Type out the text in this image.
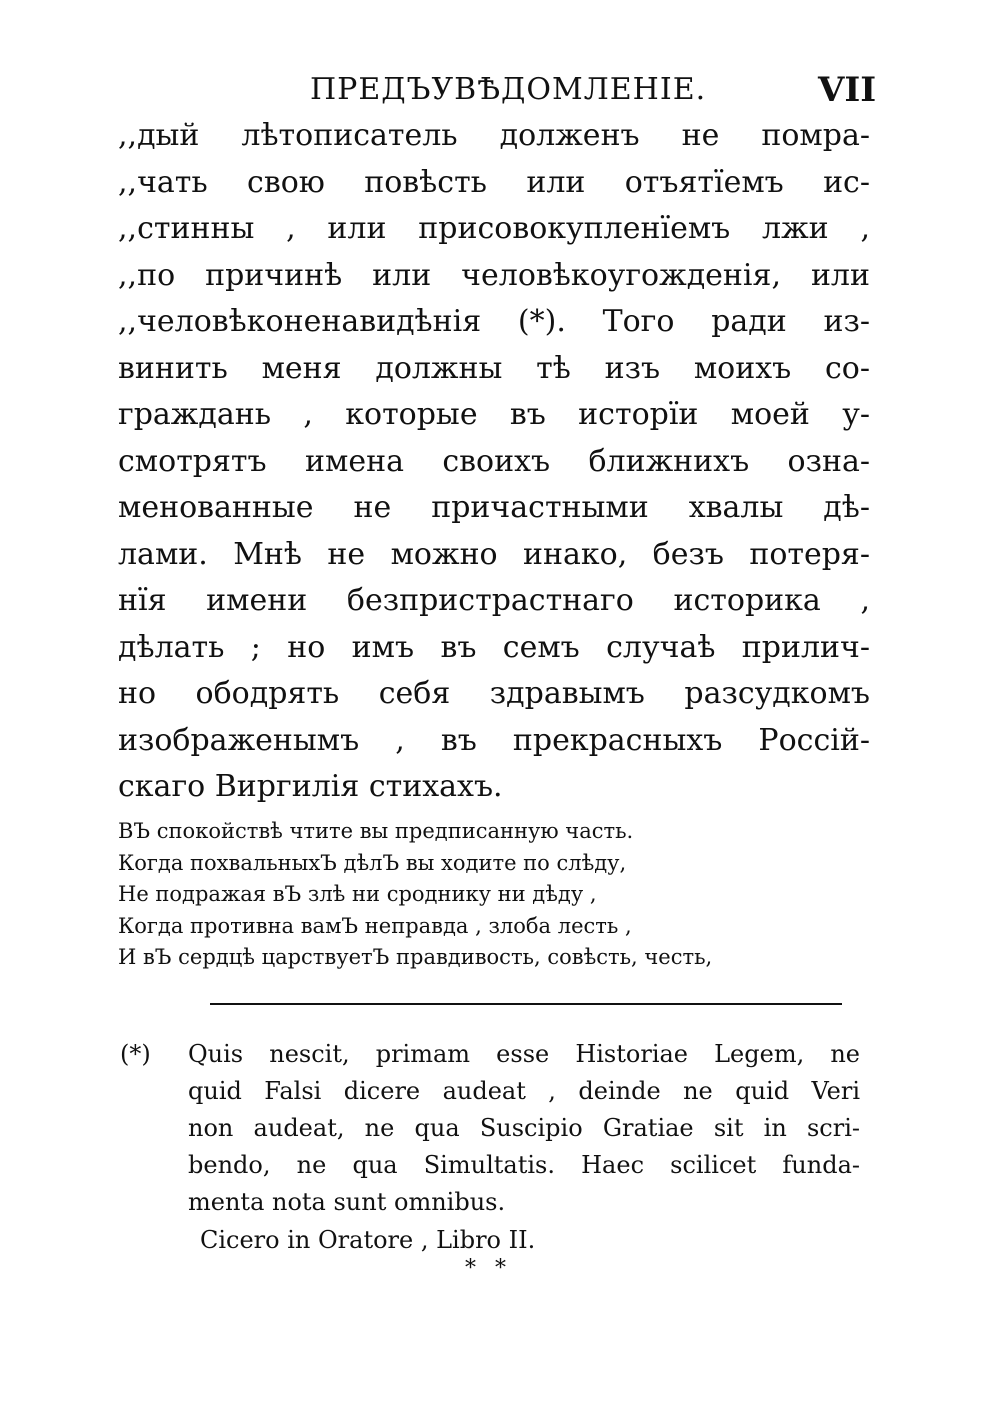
ПРЕДЪУВѢДОМЛЕНІЕ.	VII
,,дый лѣтописатель долженъ не помра-
,,чать свою повѣсть или отъятїемъ ис-
,,стинны , или присовокупленїемъ лжи ,
,,по причинѣ или человѣкоугожденія, или
,,человѣконенавидѣнія (*). Того ради из-
винить меня должны тѣ изъ моихъ со-
граждань , которые въ исторїи моей у-
смотрятъ имена своихъ ближнихъ озна-
менованные не причастными хвалы дѣ-
лами. Мнѣ не можно инако, безъ потеря-
нїя имени безпристрастнаго историка ,
дѣлать ; но имъ въ семъ случаѣ прилич-
но ободрять себя здравымъ разсудкомъ
изображенымъ , въ прекрасныхъ Россій-
скаго Виргилія стихахъ.
ВЪ спокойствѣ чтите вы предписанную часть.
Когда похвальныхЪ дѣлЪ вы ходите по слѣду,
Не подражая вЪ злѣ ни сроднику ни дѣду ,
Когда противна вамЪ неправда , злоба лесть ,
И вЪ сердцѣ царствуетЪ правдивость, совѣсть, честь,
(*) Quis nescit, primam esse Historiae Legem, ne
quid Falsi dicere audeat , deinde ne quid Veri
non audeat, ne qua Suscipio Gratiae sit in scri-
bendo, ne qua Simultatis. Haec scilicet funda-
menta nota sunt omnibus.
Cicero in Oratore , Libro II.
* *
